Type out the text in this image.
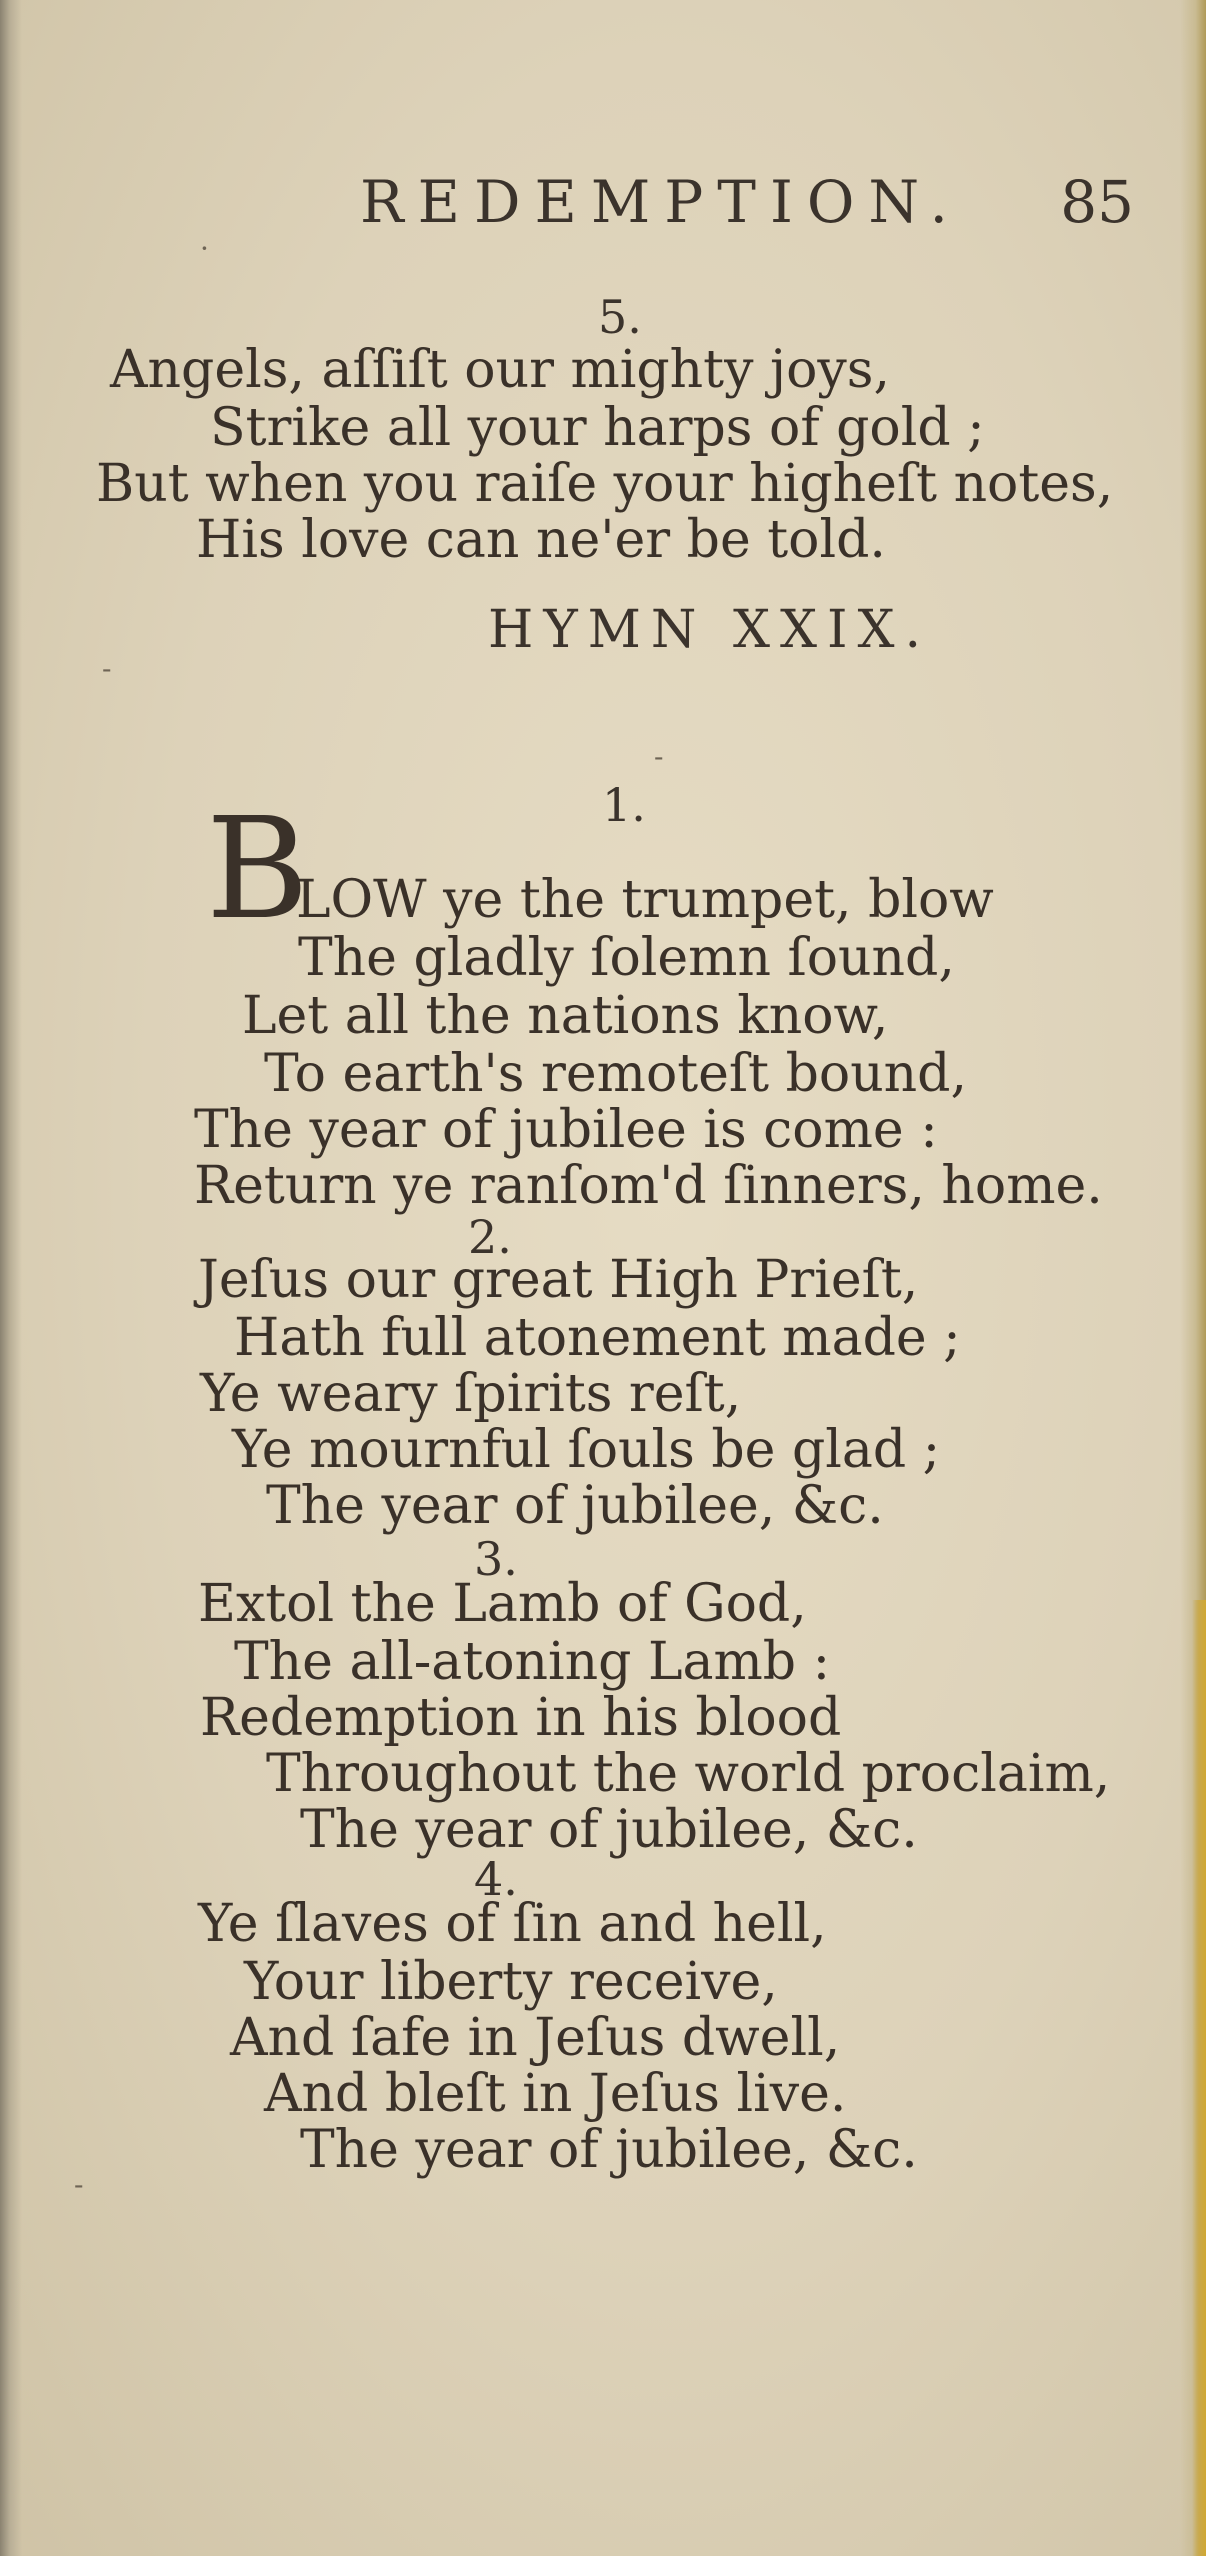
REDEMPTION. 85
·
5.
Angels, aſſiſt our mighty joys,
Strike all your harps of gold ;
But when you raiſe your higheſt notes,
His love can ne'er be told.
-
HYMN XXIX.
-
1.
B
LOW ye the trumpet, blow
The gladly ſolemn ſound,
Let all the nations know,
To earth's remoteſt bound,
The year of jubilee is come :
Return ye ranſom'd ſinners, home.
2.
Jeſus our great High Prieſt,
Hath full atonement made ;
Ye weary ſpirits reſt,
Ye mournful ſouls be glad ;
The year of jubilee, &c.
3.
Extol the Lamb of God,
The all-atoning Lamb :
Redemption in his blood
Throughout the world proclaim,
The year of jubilee, &c.
4.
Ye ſlaves of ſin and hell,
Your liberty receive,
And ſafe in Jeſus dwell,
And bleſt in Jeſus live.
The year of jubilee, &c.
-
